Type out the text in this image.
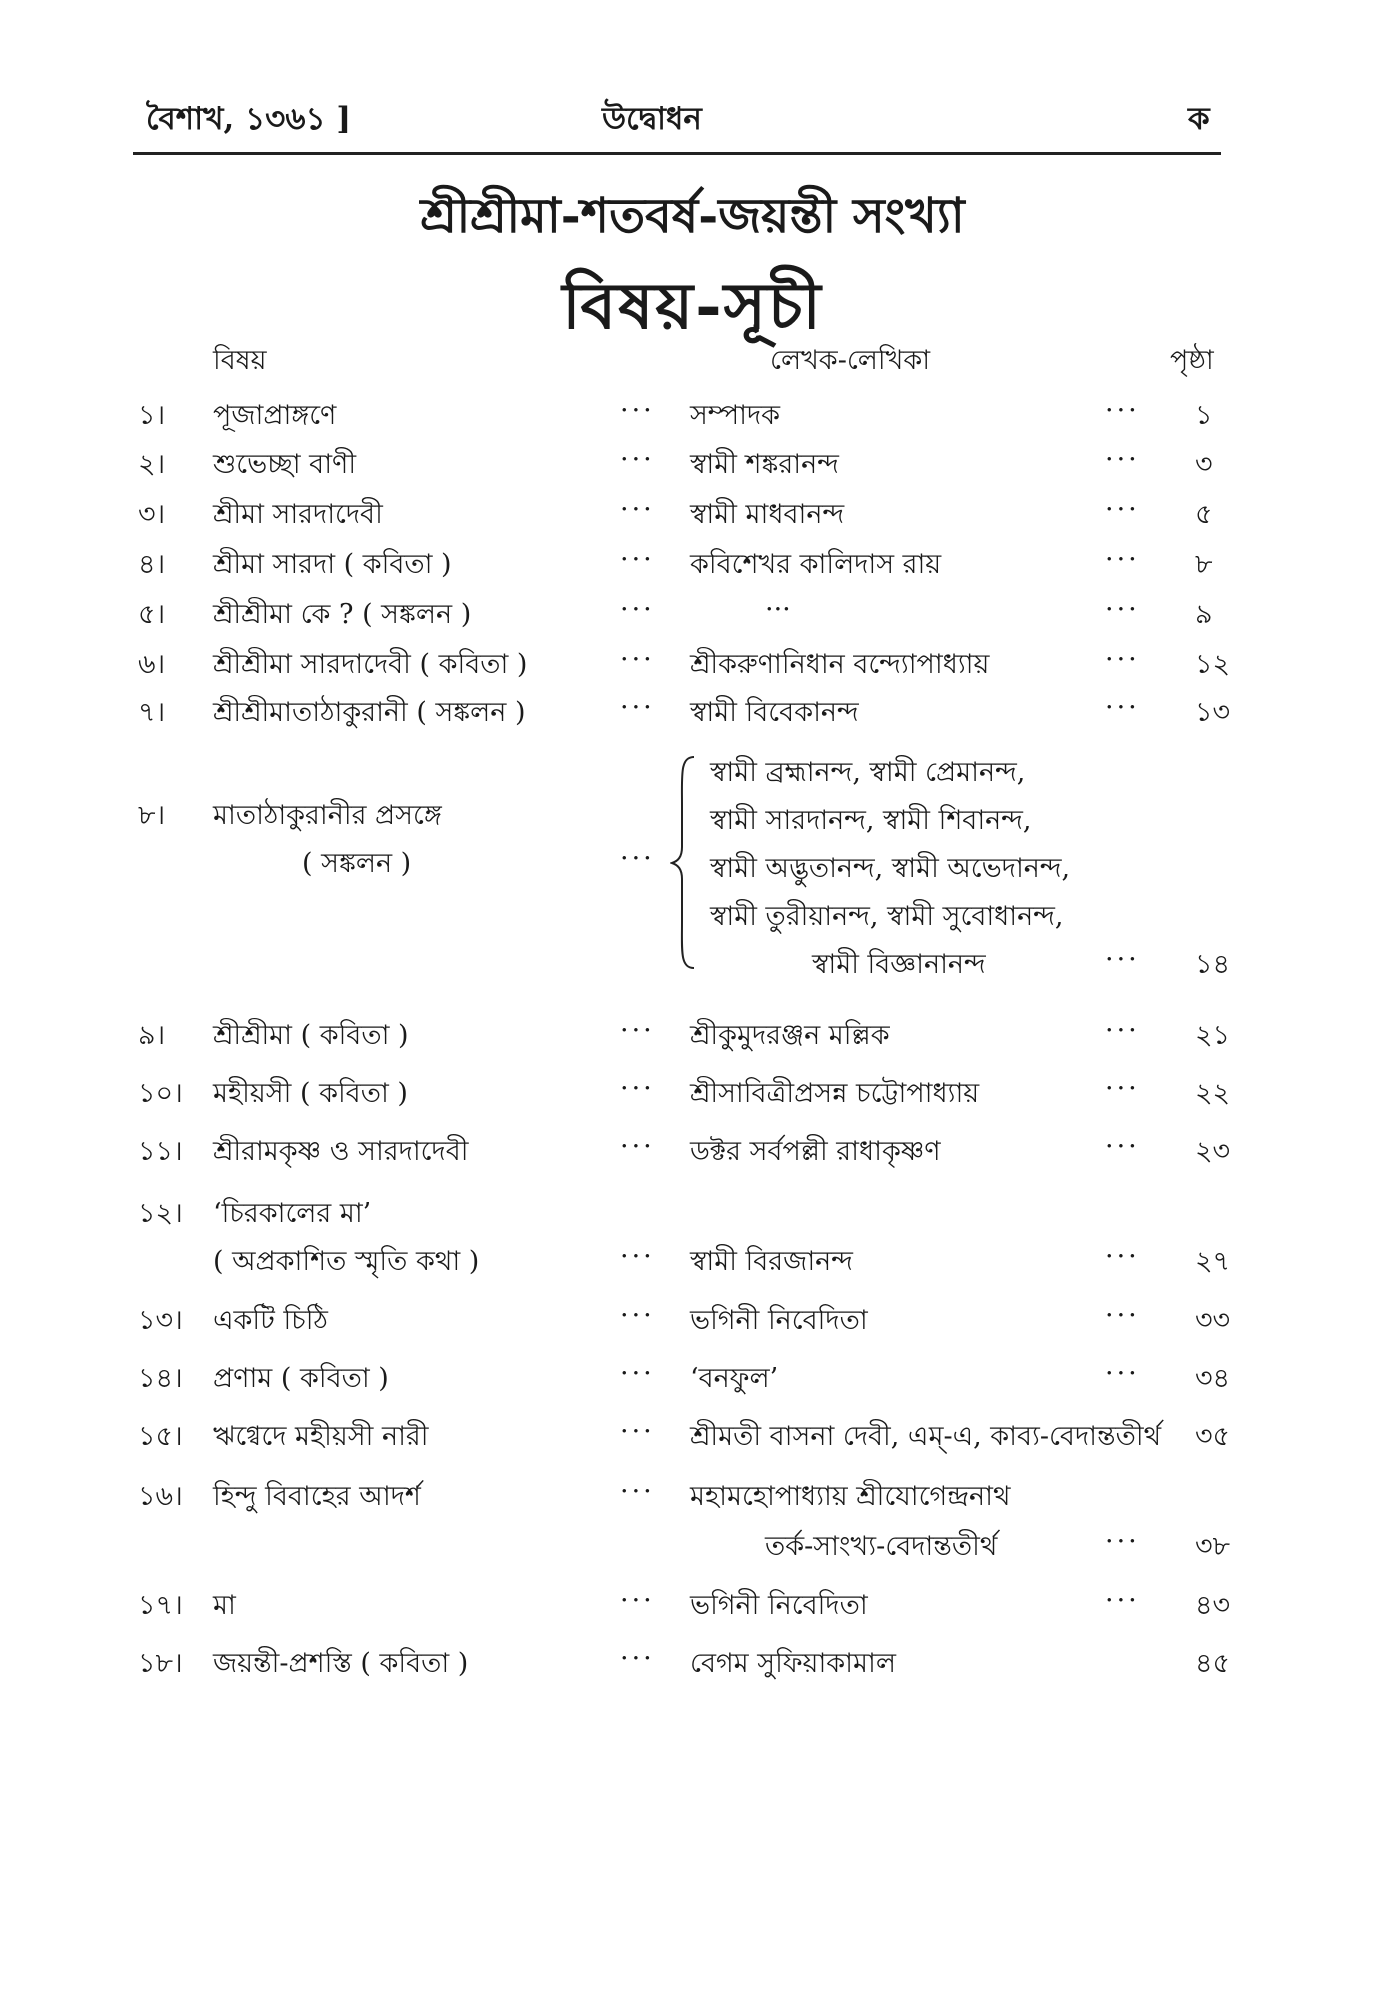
বৈশাখ, ১৩৬১ ]	উদ্বোধন	ক
শ্রীশ্রীমা-শতবর্ষ-জয়ন্তী সংখ্যা
বিষয়-সূচী
বিষয়	লেখক-লেখিকা	পৃষ্ঠা
১। পূজাপ্রাঙ্গণে	··· সম্পাদক	··· ১
২। শুভেচ্ছা বাণী	··· স্বামী শঙ্করানন্দ	··· ৩
৩। শ্রীমা সারদাদেবী	··· স্বামী মাধবানন্দ	··· ৫
৪। শ্রীমা সারদা ( কবিতা )	··· কবিশেখর কালিদাস রায়	··· ৮
৫। শ্রীশ্রীমা কে ? ( সঙ্কলন )	···	···	··· ৯
৬। শ্রীশ্রীমা সারদাদেবী ( কবিতা )	··· শ্রীকরুণানিধান বন্দ্যোপাধ্যায়	··· ১২
৭। শ্রীশ্রীমাতাঠাকুরানী ( সঙ্কলন )	··· স্বামী বিবেকানন্দ	··· ১৩
৮। মাতাঠাকুরানীর প্রসঙ্গে
( সঙ্কলন )	···
স্বামী ব্রহ্মানন্দ, স্বামী প্রেমানন্দ,
স্বামী সারদানন্দ, স্বামী শিবানন্দ,
স্বামী অদ্ভুতানন্দ, স্বামী অভেদানন্দ,
স্বামী তুরীয়ানন্দ, স্বামী সুবোধানন্দ,
স্বামী বিজ্ঞানানন্দ	··· ১৪
৯। শ্রীশ্রীমা ( কবিতা )	··· শ্রীকুমুদরঞ্জন মল্লিক	··· ২১
১০। মহীয়সী ( কবিতা )	··· শ্রীসাবিত্রীপ্রসন্ন চট্টোপাধ্যায়	··· ২২
১১। শ্রীরামকৃষ্ণ ও সারদাদেবী	··· ডক্টর সর্বপল্লী রাধাকৃষ্ণণ	··· ২৩
১২। ‘চিরকালের মা’
( অপ্রকাশিত স্মৃতি কথা )	··· স্বামী বিরজানন্দ	··· ২৭
১৩। একটি চিঠি	··· ভগিনী নিবেদিতা	··· ৩৩
১৪। প্রণাম ( কবিতা )	··· ‘বনফুল’	··· ৩৪
১৫। ঋগ্বেদে মহীয়সী নারী	··· শ্রীমতী বাসনা দেবী, এম্-এ, কাব্য-বেদান্ততীর্থ ৩৫
১৬। হিন্দু বিবাহের আদর্শ	··· মহামহোপাধ্যায় শ্রীযোগেন্দ্রনাথ
তর্ক-সাংখ্য-বেদান্ততীর্থ	··· ৩৮
১৭। মা	··· ভগিনী নিবেদিতা	··· ৪৩
১৮। জয়ন্তী-প্রশস্তি ( কবিতা )	··· বেগম সুফিয়াকামাল	৪৫
